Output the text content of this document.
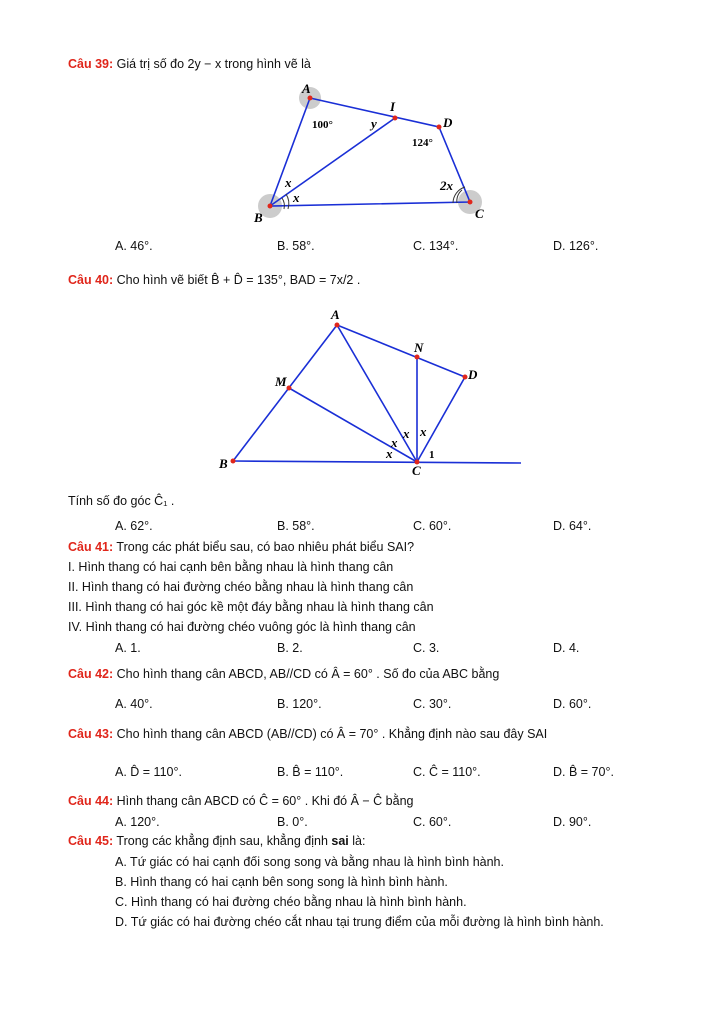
Câu 39: Giá trị số đo 2y − x trong hình vẽ là
A
I
D
B	C
100°
124°
y
x
x
2x
A. 46°.	B. 58°.	C. 134°.	D. 126°.
Câu 40: Cho hình vẽ biết B̂ + D̂ = 135°, BAD = 7x/2 .
A
N
D
M
B	C
x x
x
x	1
Tính số đo góc Ĉ₁ .
A. 62°.	B. 58°.	C. 60°.	D. 64°.
Câu 41: Trong các phát biểu sau, có bao nhiêu phát biểu SAI?
I. Hình thang có hai cạnh bên bằng nhau là hình thang cân
II. Hình thang có hai đường chéo bằng nhau là hình thang cân
III. Hình thang có hai góc kề một đáy bằng nhau là hình thang cân
IV. Hình thang có hai đường chéo vuông góc là hình thang cân
A. 1.	B. 2.	C. 3.	D. 4.
Câu 42: Cho hình thang cân ABCD, AB//CD có Â = 60° . Số đo của ABC bằng
A. 40°.	B. 120°.	C. 30°.	D. 60°.
Câu 43: Cho hình thang cân ABCD (AB//CD) có Â = 70° . Khẳng định nào sau đây SAI
A. D̂ = 110°.	B. B̂ = 110°.	C. Ĉ = 110°.	D. B̂ = 70°.
Câu 44: Hình thang cân ABCD có Ĉ = 60° . Khi đó Â − Ĉ bằng
A. 120°.	B. 0°.	C. 60°.	D. 90°.
Câu 45: Trong các khẳng định sau, khẳng định sai là:
A. Tứ giác có hai cạnh đối song song và bằng nhau là hình bình hành.
B. Hình thang có hai cạnh bên song song là hình bình hành.
C. Hình thang có hai đường chéo bằng nhau là hình bình hành.
D. Tứ giác có hai đường chéo cắt nhau tại trung điểm của mỗi đường là hình bình hành.
